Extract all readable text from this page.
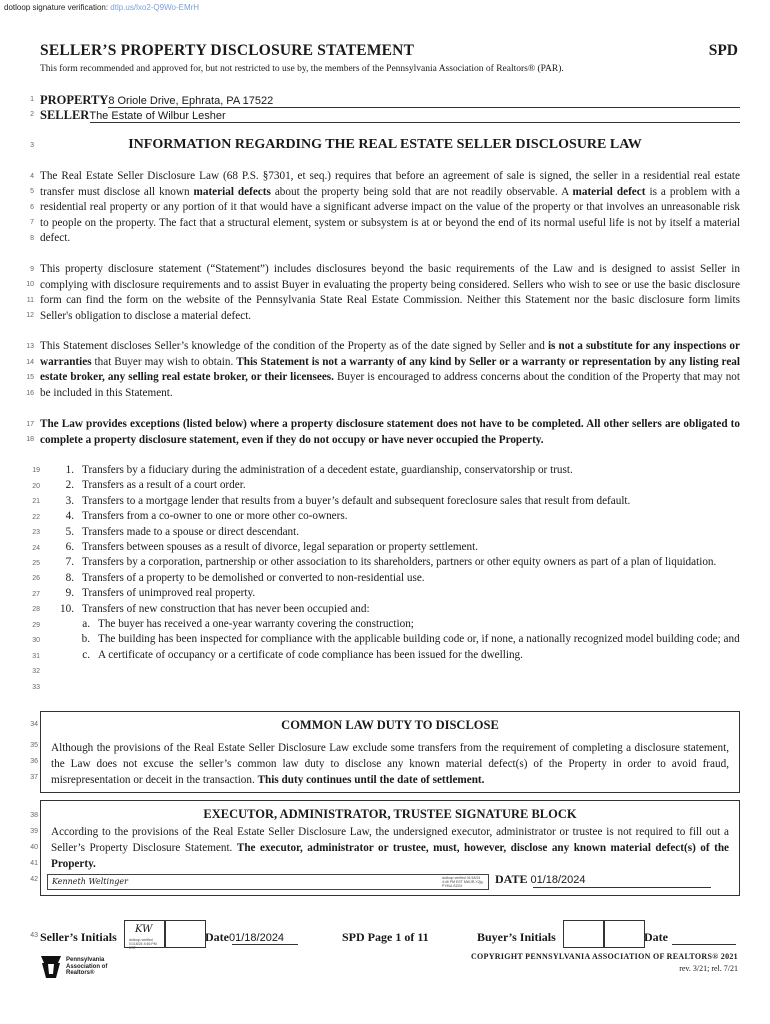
dotloop signature verification: dtlp.us/lxo2-Q9Wo-EMrH
SELLER’S PROPERTY DISCLOSURE STATEMENT	SPD
This form recommended and approved for, but not restricted to use by, the members of the Pennsylvania Association of Realtors® (PAR).
1
2
3
4
5
6
7
8
9
10
11
12
13
14
15
16
17
18
19
20
21
22
23
24
25
26
27
28
29
30
31
32
33
34
35
36
37
38
39
40
41
42
43
PROPERTY8 Oriole Drive, Ephrata, PA 17522
SELLERThe Estate of Wilbur Lesher
INFORMATION REGARDING THE REAL ESTATE SELLER DISCLOSURE LAW
The Real Estate Seller Disclosure Law (68 P.S. §7301, et seq.) requires that before an agreement of sale is signed, the seller in a residential real estate transfer must disclose all known material defects about the property being sold that are not readily observable. A material defect is a problem with a residential real property or any portion of it that would have a significant adverse impact on the value of the property or that involves an unreasonable risk to people on the property. The fact that a structural element, system or subsystem is at or beyond the end of its normal useful life is not by itself a material defect.
This property disclosure statement (“Statement”) includes disclosures beyond the basic requirements of the Law and is designed to assist Seller in complying with disclosure requirements and to assist Buyer in evaluating the property being considered. Sellers who wish to see or use the basic disclosure form can find the form on the website of the Pennsylvania State Real Estate Commission. Neither this Statement nor the basic disclosure form limits Seller's obligation to disclose a material defect.
This Statement discloses Seller’s knowledge of the condition of the Property as of the date signed by Seller and is not a substitute for any inspections or warranties that Buyer may wish to obtain. This Statement is not a warranty of any kind by Seller or a warranty or representation by any listing real estate broker, any selling real estate broker, or their licensees. Buyer is encouraged to address concerns about the condition of the Property that may not be included in this Statement.
The Law provides exceptions (listed below) where a property disclosure statement does not have to be completed. All other sellers are obligated to complete a property disclosure statement, even if they do not occupy or have never occupied the Property.
1. Transfers by a fiduciary during the administration of a decedent estate, guardianship, conservatorship or trust.
2. Transfers as a result of a court order.
3. Transfers to a mortgage lender that results from a buyer’s default and subsequent foreclosure sales that result from default.
4. Transfers from a co-owner to one or more other co-owners.
5. Transfers made to a spouse or direct descendant.
6. Transfers between spouses as a result of divorce, legal separation or property settlement.
7. Transfers by a corporation, partnership or other association to its shareholders, partners or other equity owners as part of a plan of liquidation.
8. Transfers of a property to be demolished or converted to non-residential use.
9. Transfers of unimproved real property.
10. Transfers of new construction that has never been occupied and:
a. The buyer has received a one-year warranty covering the construction;
b. The building has been inspected for compliance with the applicable building code or, if none, a nationally recognized model building code; and
c. A certificate of occupancy or a certificate of code compliance has been issued for the dwelling.
COMMON LAW DUTY TO DISCLOSE
Although the provisions of the Real Estate Seller Disclosure Law exclude some transfers from the requirement of completing a disclosure statement, the Law does not excuse the seller’s common law duty to disclose any known material defect(s) of the Property in order to avoid fraud, misrepresentation or deceit in the transaction. This duty continues until the date of settlement.
EXECUTOR, ADMINISTRATOR, TRUSTEE SIGNATURE BLOCK
According to the provisions of the Real Estate Seller Disclosure Law, the undersigned executor, administrator or trustee is not required to fill out a Seller’s Property Disclosure Statement. The executor, administrator or trustee, must, however, disclose any known material defect(s) of the Property.
Kenneth Weltinger	dotloop verified 01/18/24 4:46 PM EST MWJR-Y2jg-PYMU-SZXX	DATE 01/18/2024
Seller’s Initials
KW
dotloop verified 01/18/24 4:46 PM EST
Date01/18/2024	SPD Page 1 of 11	Buyer’s Initials	Date
Pennsylvania
Association of
Realtors®
COPYRIGHT PENNSYLVANIA ASSOCIATION OF REALTORS® 2021
rev. 3/21; rel. 7/21
